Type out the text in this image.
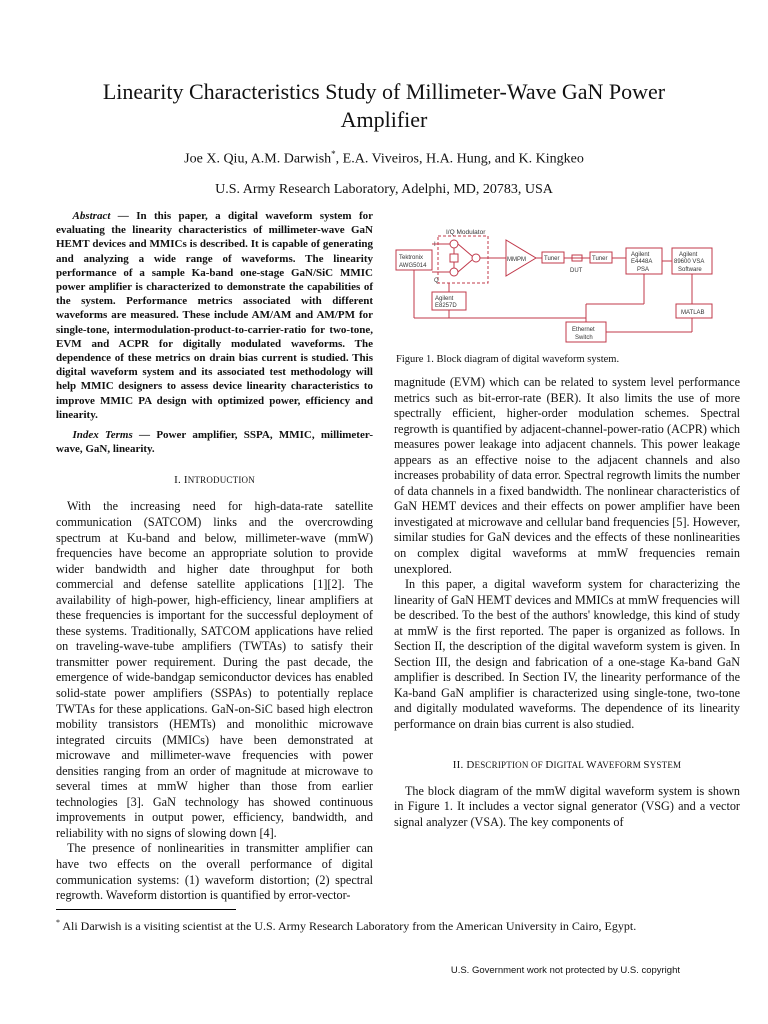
Linearity Characteristics Study of Millimeter-Wave GaN Power Amplifier
Joe X. Qiu, A.M. Darwish*, E.A. Viveiros, H.A. Hung, and K. Kingkeo
U.S. Army Research Laboratory, Adelphi, MD, 20783, USA

Abstract — In this paper, a digital waveform system for evaluating the linearity characteristics of millimeter-wave GaN HEMT devices and MMICs is described. It is capable of generating and analyzing a wide range of waveforms. The linearity performance of a sample Ka-band one-stage GaN/SiC MMIC power amplifier is characterized to demonstrate the capabilities of the system. Performance metrics associated with different waveforms are measured. These include AM/AM and AM/PM for single-tone, intermodulation-product-to-carrier-ratio for two-tone, EVM and ACPR for digitally modulated waveforms. The dependence of these metrics on drain bias current is studied. This digital waveform system and its associated test methodology will help MMIC designers to assess device linearity characteristics to improve MMIC PA design with optimized power, efficiency and linearity.

Index Terms — Power amplifier, SSPA, MMIC, millimeter-wave, GaN, linearity.

I. INTRODUCTION

With the increasing need for high-data-rate satellite communication (SATCOM) links and the overcrowding spectrum at Ku-band and below, millimeter-wave (mmW) frequencies have become an appropriate solution to provide wider bandwidth and higher date throughput for both commercial and defense satellite applications [1][2]. The availability of high-power, high-efficiency, linear amplifiers at these frequencies is important for the successful deployment of these systems. Traditionally, SATCOM applications have relied on traveling-wave-tube amplifiers (TWTAs) to satisfy their transmitter power requirement. During the past decade, the emergence of wide-bandgap semiconductor devices has enabled solid-state power amplifiers (SSPAs) to potentially replace TWTAs for these applications. GaN-on-SiC based high electron mobility transistors (HEMTs) and monolithic microwave integrated circuits (MMICs) have been demonstrated at microwave and millimeter-wave frequencies with power densities ranging from an order of magnitude at microwave to several times at mmW higher than those from earlier technologies [3]. GaN technology has showed continuous improvements in output power, efficiency, bandwidth, and reliability with no signs of slowing down [4].

The presence of nonlinearities in transmitter amplifier can have two effects on the overall performance of digital communication systems: (1) waveform distortion; (2) spectral regrowth. Waveform distortion is quantified by error-vector-

I/Q Modulator
Tektronix
AWG5014
I
Q
MMPM	Tuner	Tuner
DUT
Agilent
E4448A
PSA
Agilent
89600 VSA
Software
Agilent
E8257D
Ethernet
Switch
MATLAB
Figure 1. Block diagram of digital waveform system.

magnitude (EVM) which can be related to system level performance metrics such as bit-error-rate (BER). It also limits the use of more spectrally efficient, higher-order modulation schemes. Spectral regrowth is quantified by adjacent-channel-power-ratio (ACPR) which measures power leakage into adjacent channels. This power leakage appears as an effective noise to the adjacent channels and also increases probability of data error. Spectral regrowth limits the number of data channels in a fixed bandwidth. The nonlinear characteristics of GaN HEMT devices and their effects on power amplifier have been investigated at microwave and cellular band frequencies [5]. However, similar studies for GaN devices and the effects of these nonlinearities on complex digital waveforms at mmW frequencies remain unexplored.

In this paper, a digital waveform system for characterizing the linearity of GaN HEMT devices and MMICs at mmW frequencies will be described. To the best of the authors' knowledge, this kind of study at mmW is the first reported. The paper is organized as follows. In Section II, the description of the digital waveform system is given. In Section III, the design and fabrication of a one-stage Ka-band GaN amplifier is described. In Section IV, the linearity performance of the Ka-band GaN amplifier is characterized using single-tone, two-tone and digitally modulated waveforms. The dependence of its linearity performance on drain bias current is also studied.

II. DESCRIPTION OF DIGITAL WAVEFORM SYSTEM

The block diagram of the mmW digital waveform system is shown in Figure 1. It includes a vector signal generator (VSG) and a vector signal analyzer (VSA). The key components of

* Ali Darwish is a visiting scientist at the U.S. Army Research Laboratory from the American University in Cairo, Egypt.
U.S. Government work not protected by U.S. copyright
